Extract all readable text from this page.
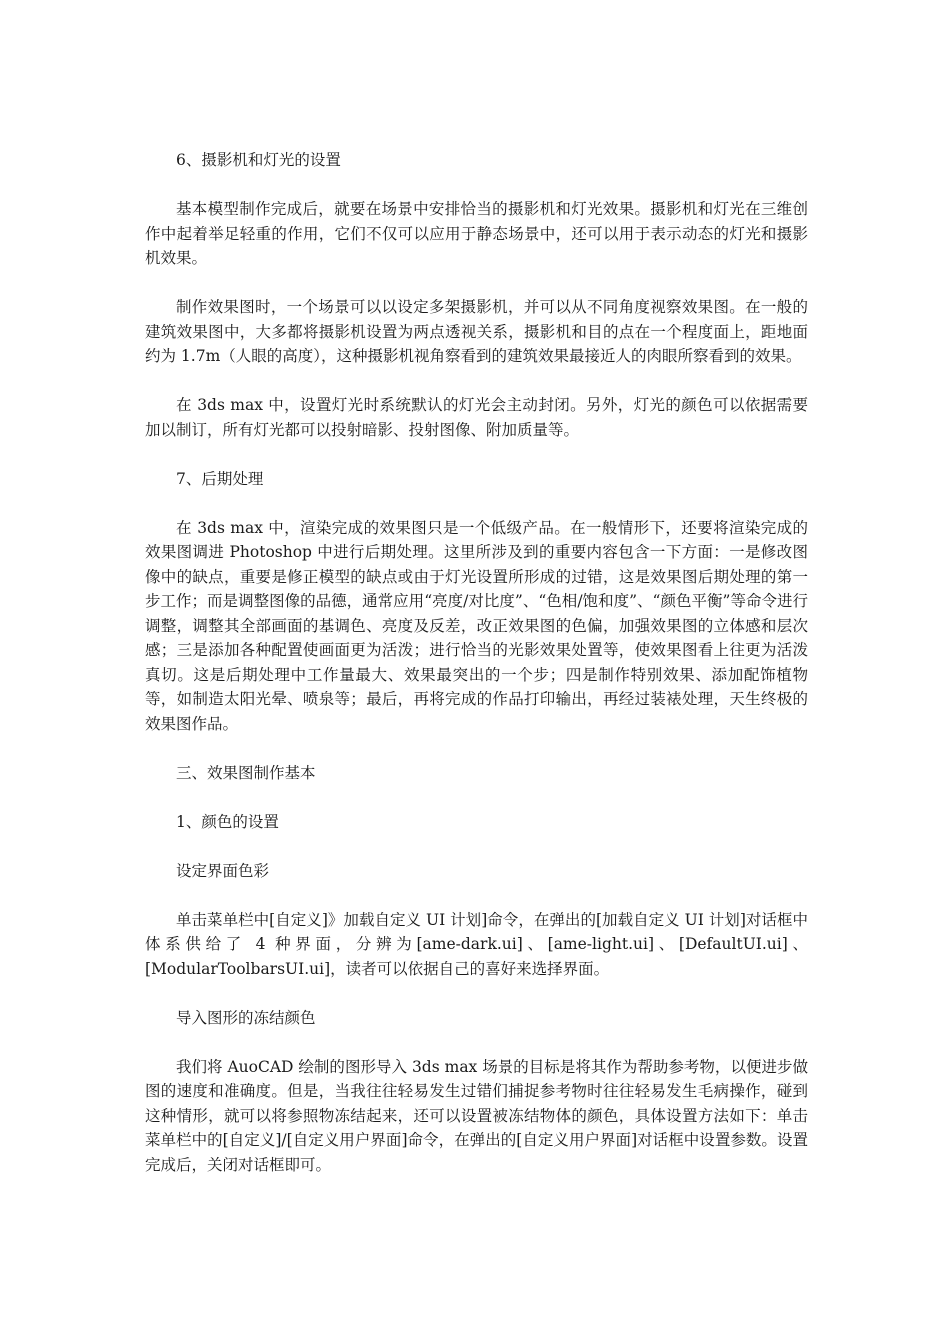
6、摄影机和灯光的设置

基本模型制作完成后，就要在场景中安排恰当的摄影机和灯光效果。摄影机和灯光在三维创作中起着举足轻重的作用，它们不仅可以应用于静态场景中，还可以用于表示动态的灯光和摄影机效果。

制作效果图时，一个场景可以以设定多架摄影机，并可以从不同角度视察效果图。在一般的建筑效果图中，大多都将摄影机设置为两点透视关系，摄影机和目的点在一个程度面上，距地面约为 1.7m（人眼的高度），这种摄影机视角察看到的建筑效果最接近人的肉眼所察看到的效果。

在 3ds max 中，设置灯光时系统默认的灯光会主动封闭。另外，灯光的颜色可以依据需要加以制订，所有灯光都可以投射暗影、投射图像、附加质量等。

7、后期处理

在 3ds max 中，渲染完成的效果图只是一个低级产品。在一般情形下，还要将渲染完成的效果图调进 Photoshop 中进行后期处理。这里所涉及到的重要内容包含一下方面：一是修改图像中的缺点，重要是修正模型的缺点或由于灯光设置所形成的过错，这是效果图后期处理的第一步工作；而是调整图像的品德，通常应用“亮度/对比度”、“色相/饱和度”、“颜色平衡”等命令进行调整，调整其全部画面的基调色、亮度及反差，改正效果图的色偏，加强效果图的立体感和层次感；三是添加各种配置使画面更为活泼；进行恰当的光影效果处置等，使效果图看上往更为活泼真切。这是后期处理中工作量最大、效果最突出的一个步；四是制作特别效果、添加配饰植物等，如制造太阳光晕、喷泉等；最后，再将完成的作品打印输出，再经过装裱处理，天生终极的效果图作品。

三、效果图制作基本

1、颜色的设置

设定界面色彩

单击菜单栏中[自定义]》加载自定义 UI 计划]命令，在弹出的[加载自定义 UI 计划]对话框中体系供给了 4 种界面，分辨为[ame-dark.ui]、[ame-light.ui]、[DefaultUI.ui]、[ModularToolbarsUI.ui]，读者可以依据自己的喜好来选择界面。

导入图形的冻结颜色

我们将 AuoCAD 绘制的图形导入 3ds max 场景的目标是将其作为帮助参考物，以便进步做图的速度和准确度。但是，当我往往轻易发生过错们捕捉参考物时往往轻易发生毛病操作，碰到这种情形，就可以将参照物冻结起来，还可以设置被冻结物体的颜色，具体设置方法如下：单击菜单栏中的[自定义]/[自定义用户界面]命令，在弹出的[自定义用户界面]对话框中设置参数。设置完成后，关闭对话框即可。
